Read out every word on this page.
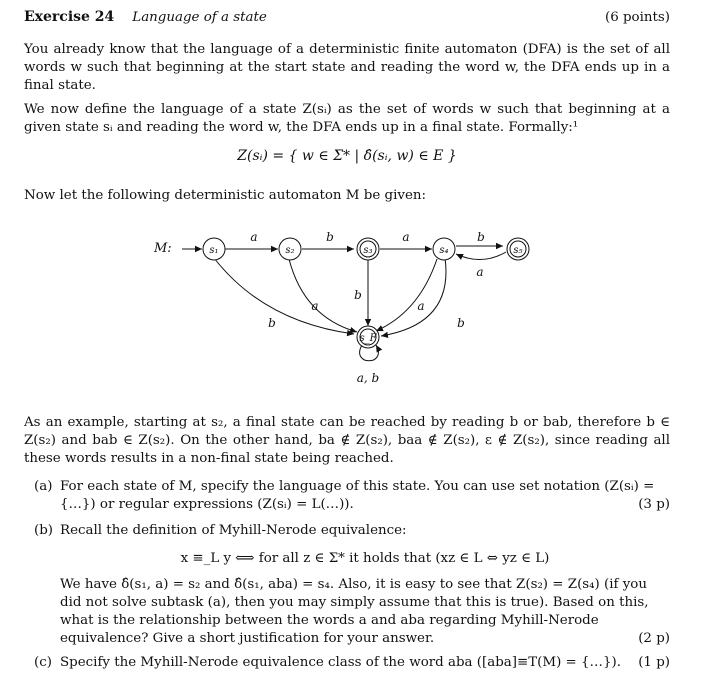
Exercise 24 Language of a state	(6 points)

You already know that the language of a deterministic finite automaton (DFA) is the set of all words w such that beginning at the start state and reading the word w, the DFA ends up in a final state.

We now define the language of a state Z(sᵢ) as the set of words w such that beginning at a given state sᵢ and reading the word w, the DFA ends up in a final state. Formally:¹

Z(sᵢ) = { w ∈ Σ* | δ̂(sᵢ, w) ∈ E }

Now let the following deterministic automaton M be given:

M:	s₁	s₂	s₃	s₄	s₅
s_F
a	b	a	b
a
b
a
b
a
b
a, b

As an example, starting at s₂, a final state can be reached by reading b or bab, therefore b ∈ Z(s₂) and bab ∈ Z(s₂). On the other hand, ba ∉ Z(s₂), baa ∉ Z(s₂), ε ∉ Z(s₂), since reading all these words results in a non-final state being reached.

(a) For each state of M, specify the language of this state. You can use set notation (Z(sᵢ) = {…}) or regular expressions (Z(sᵢ) = L(…)).	(3 p)
(b) Recall the definition of Myhill-Nerode equivalence:
x ≡_L y ⟺ for all z ∈ Σ* it holds that (xz ∈ L ⇔ yz ∈ L)
We have δ̂(s₁, a) = s₂ and δ̂(s₁, aba) = s₄. Also, it is easy to see that Z(s₂) = Z(s₄) (if you did not solve subtask (a), then you may simply assume that this is true). Based on this, what is the relationship between the words a and aba regarding Myhill-Nerode equivalence? Give a short justification for your answer.	(2 p)
(c) Specify the Myhill-Nerode equivalence class of the word aba ([aba]≡T(M) = {…}). (1 p)
